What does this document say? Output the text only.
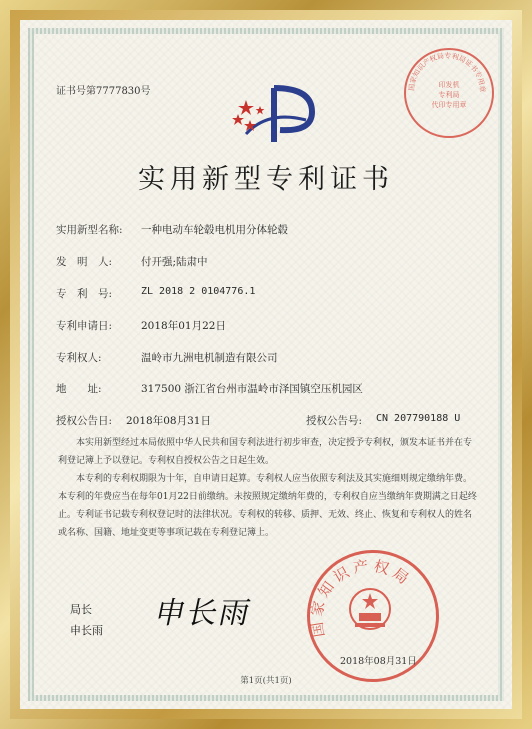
证书号第7777830号	国家知识产权局专利局证书专用章
印发机
专利局
代印专用章
实用新型专利证书
实用新型名称: 一种电动车轮毂电机用分体轮毂
发　明　人:	付开强;陆肃中
专　利　号:	ZL 2018 2 0104776.1
专利申请日:	2018年01月22日
专利权人:	温岭市九洲电机制造有限公司
地　　址:	317500 浙江省台州市温岭市泽国镇空压机园区
授权公告日: 2018年08月31日	授权公告号: CN 207790188 U
本实用新型经过本局依照中华人民共和国专利法进行初步审查，决定授予专利权，颁发本证书并在专利登记簿上予以登记。专利权自授权公告之日起生效。
本专利的专利权期限为十年，自申请日起算。专利权人应当依照专利法及其实施细则规定缴纳年费。本专利的年费应当在每年01月22日前缴纳。未按照规定缴纳年费的，专利权自应当缴纳年费期满之日起终止。 专利证书记载专利权登记时的法律状况。专利权的转移、质押、无效、终止、恢复和专利权人的姓名或名称、国籍、地址变更等事项记载在专利登记簿上。
局长
申长雨 申长雨	国家知识产权局
2018年08月31日
第1页(共1页)
